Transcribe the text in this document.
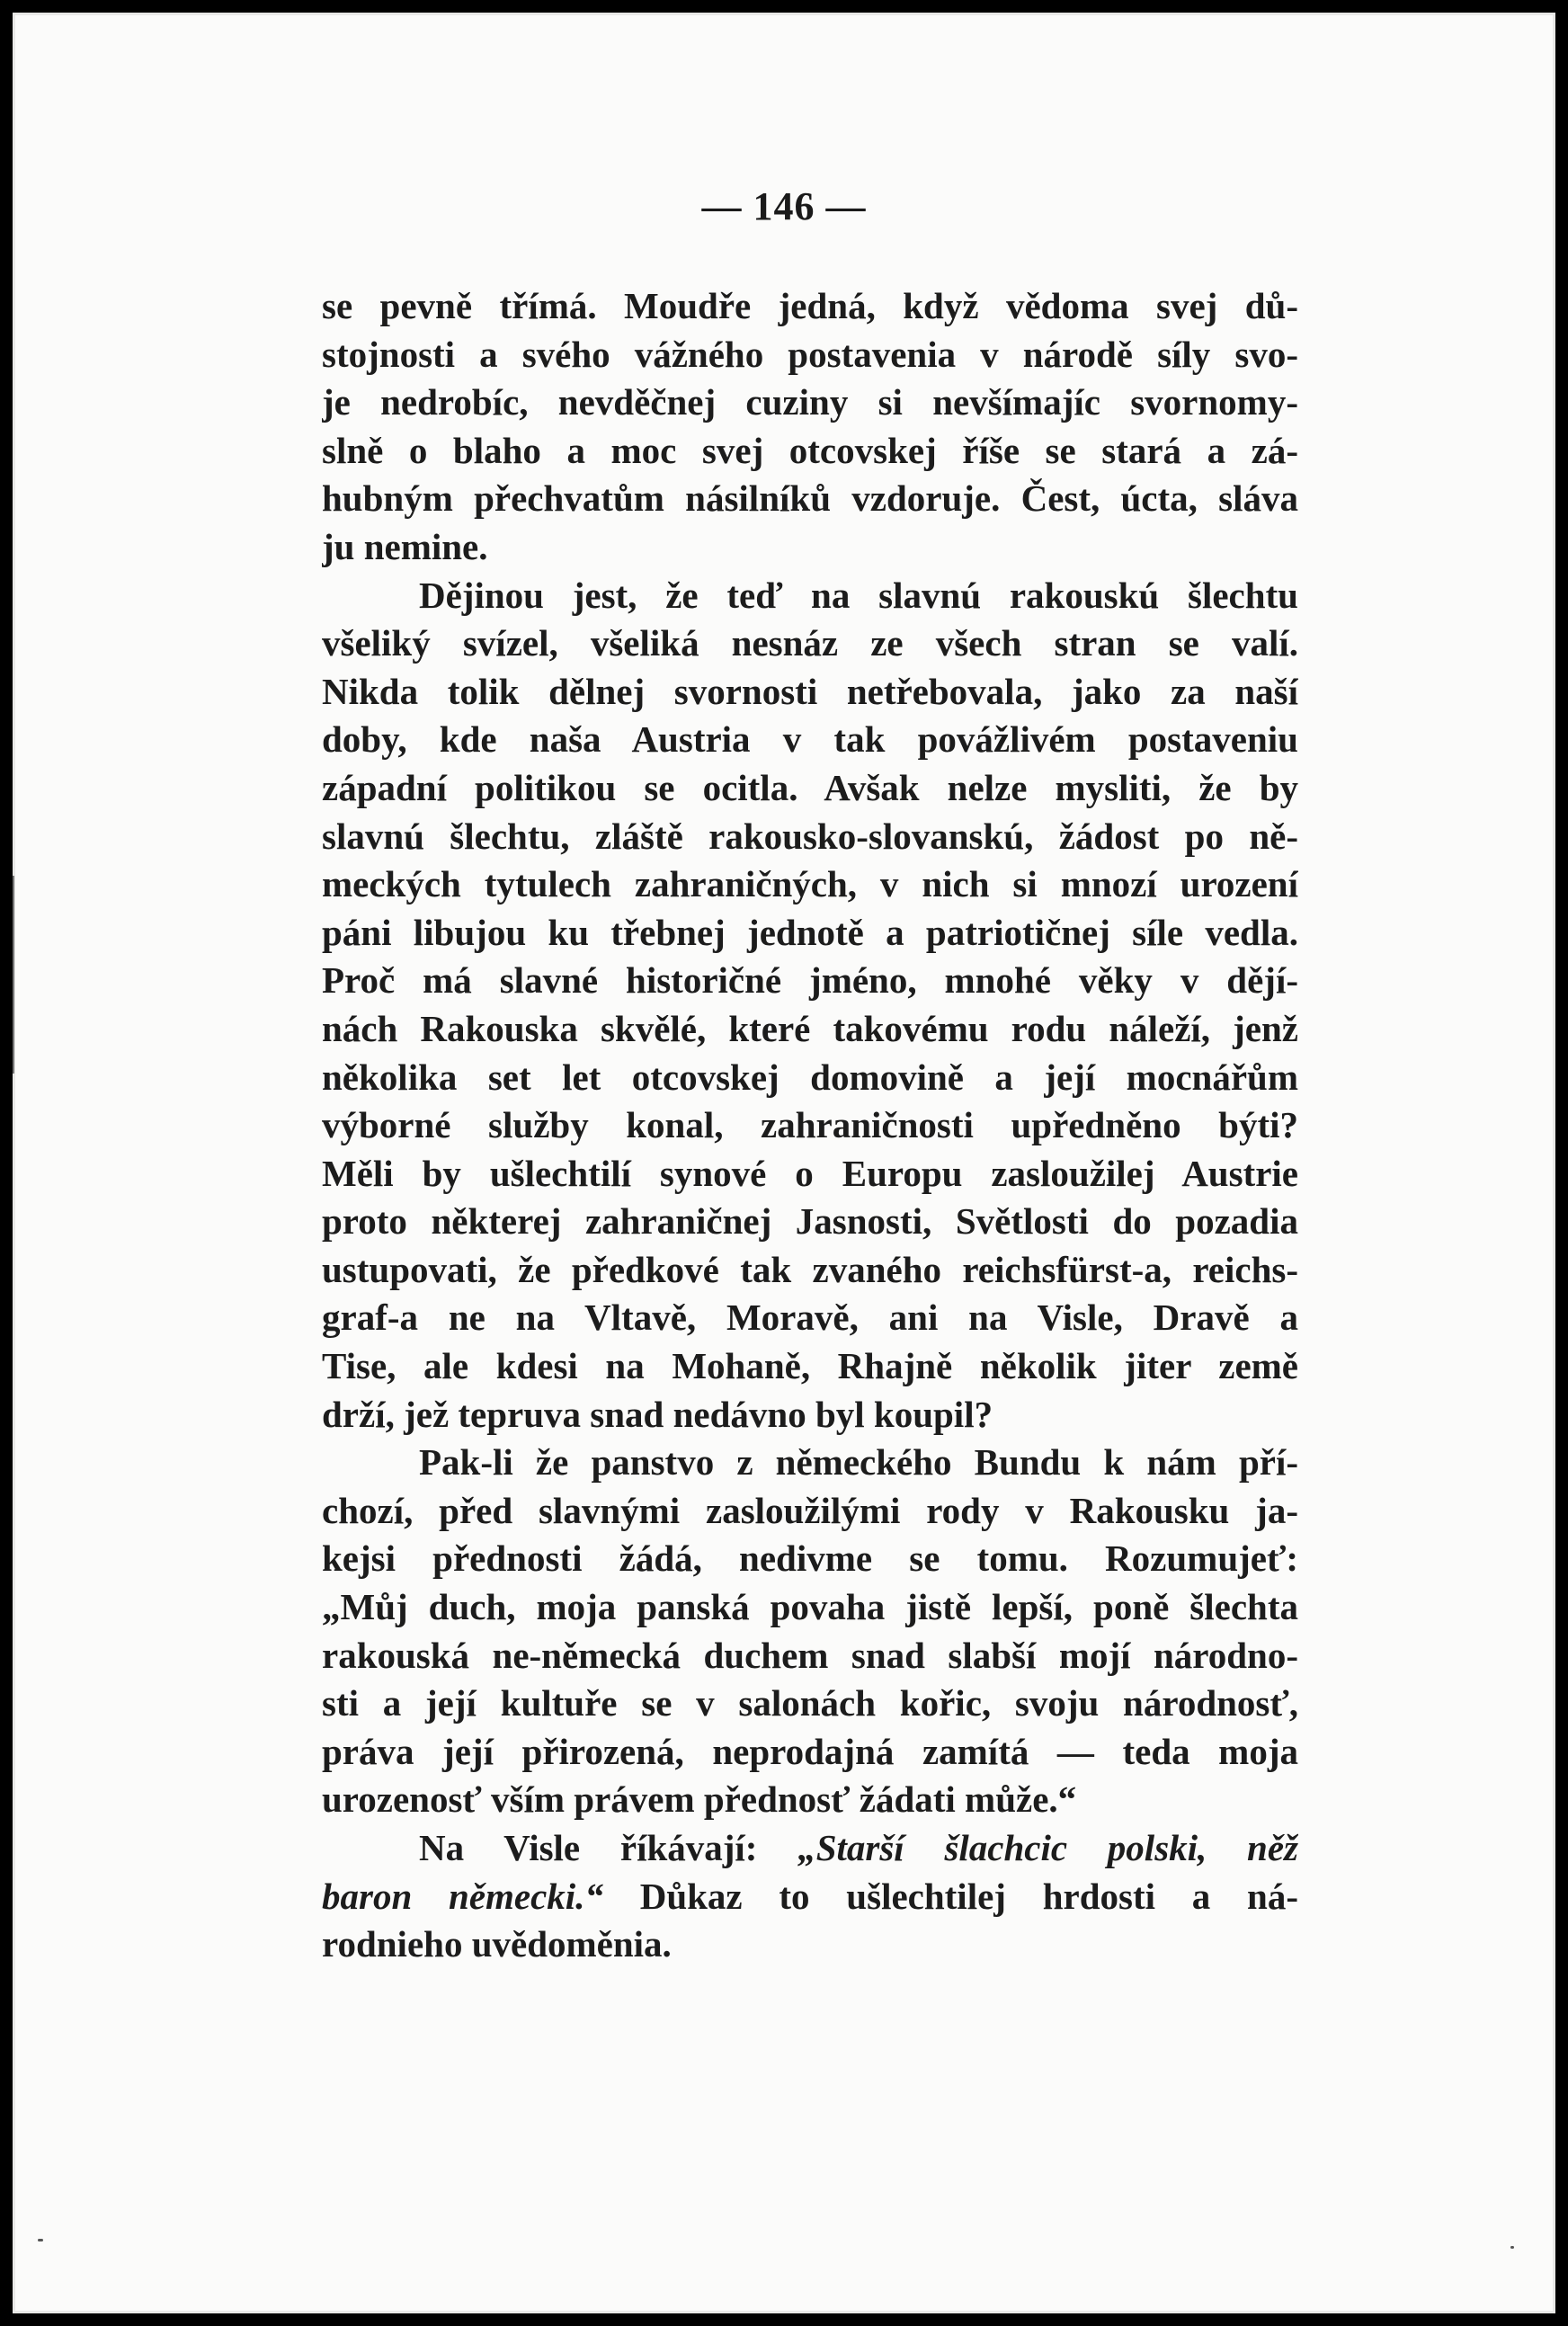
— 146 —
se pevně třímá. Moudře jedná, když vědoma svej dů-
stojnosti a svého vážného postavenia v národě síly svo-
je nedrobíc, nevděčnej cuziny si nevšímajíc svornomy-
slně o blaho a moc svej otcovskej říše se stará a zá-
hubným přechvatům násilníků vzdoruje. Čest, úcta, sláva
ju nemine.
Dějinou jest, že teď na slavnú rakouskú šlechtu
všeliký svízel, všeliká nesnáz ze všech stran se valí.
Nikda tolik dělnej svornosti netřebovala, jako za naší
doby, kde naša Austria v tak povážlivém postaveniu
západní politikou se ocitla. Avšak nelze mysliti, že by
slavnú šlechtu, zláště rakousko-slovanskú, žádost po ně-
meckých tytulech zahraničných, v nich si mnozí urození
páni libujou ku třebnej jednotě a patriotičnej síle vedla.
Proč má slavné historičné jméno, mnohé věky v dějí-
nách Rakouska skvělé, které takovému rodu náleží, jenž
několika set let otcovskej domovině a její mocnářům
výborné služby konal, zahraničnosti upředněno býti?
Měli by ušlechtilí synové o Europu zasloužilej Austrie
proto některej zahraničnej Jasnosti, Světlosti do pozadia
ustupovati, že předkové tak zvaného reichsfürst-a, reichs-
graf-a ne na Vltavě, Moravě, ani na Visle, Dravě a
Tise, ale kdesi na Mohaně, Rhajně několik jiter země
drží, jež tepruva snad nedávno byl koupil?
Pak-li že panstvo z německého Bundu k nám pří-
chozí, před slavnými zasloužilými rody v Rakousku ja-
kejsi přednosti žádá, nedivme se tomu. Rozumujeť:
„Můj duch, moja panská povaha jistě lepší, poně šlechta
rakouská ne-německá duchem snad slabší mojí národno-
sti a její kultuře se v salonách kořic, svoju národnosť,
práva její přirozená, neprodajná zamítá — teda moja
urozenosť vším právem přednosť žádati může.“
Na Visle říkávají: „Starší šlachcic polski, něž
baron německi.“ Důkaz to ušlechtilej hrdosti a ná-
rodnieho uvědoměnia.
